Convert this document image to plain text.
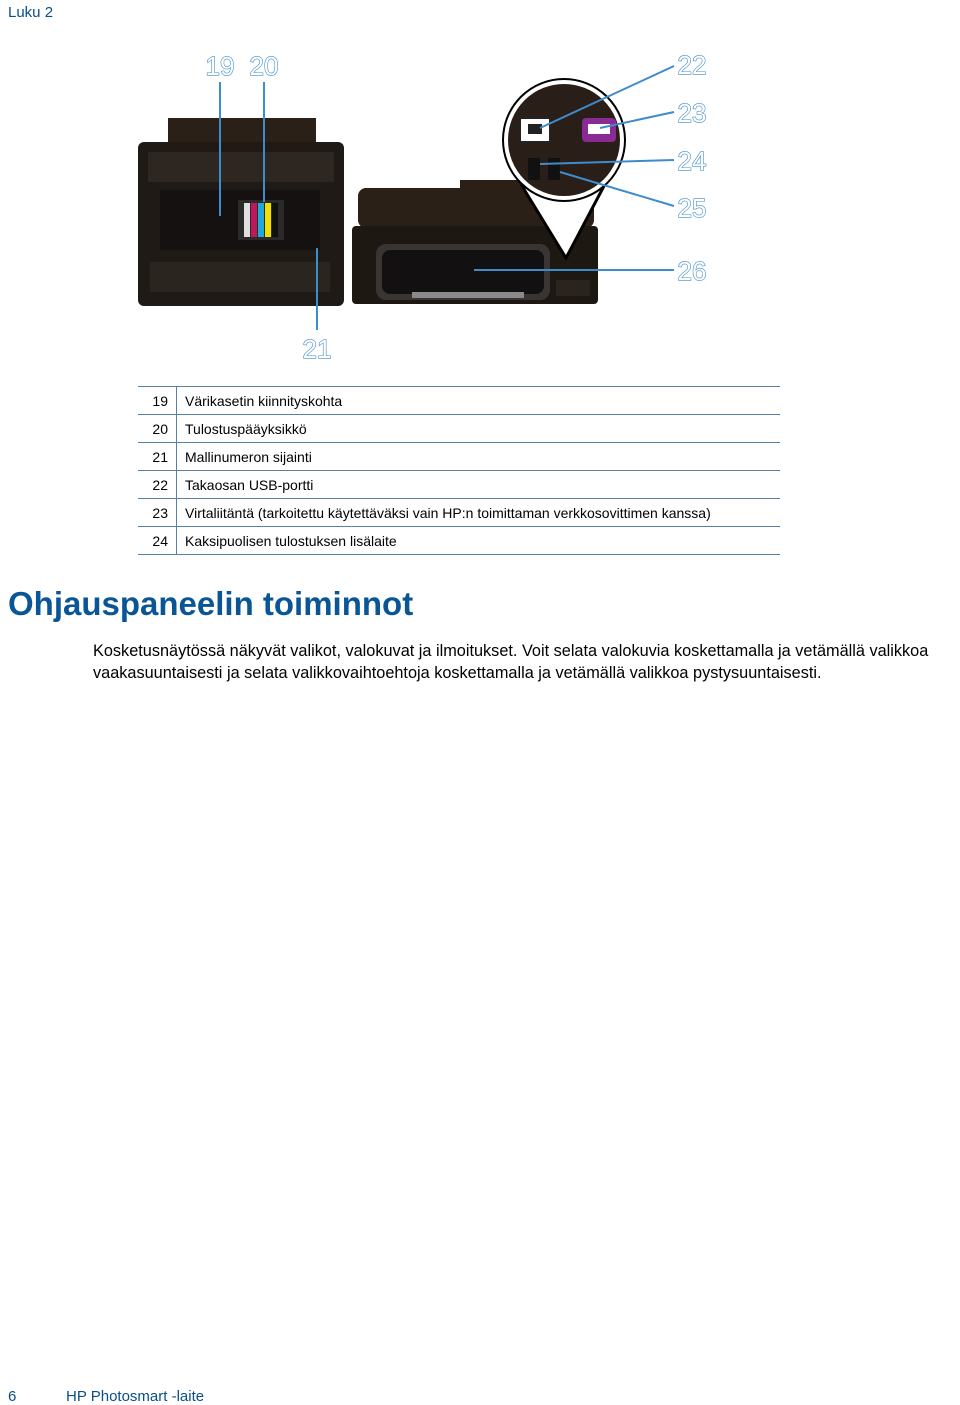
Luku 2
19 20
21
22
23
24
25
26
19	Värikasetin kiinnityskohta
20	Tulostuspääyksikkö
21	Mallinumeron sijainti
22	Takaosan USB-portti
23	Virtaliitäntä (tarkoitettu käytettäväksi vain HP:n toimittaman verkkosovittimen kanssa)
24	Kaksipuolisen tulostuksen lisälaite
Ohjauspaneelin toiminnot

Kosketusnäytössä näkyvät valikot, valokuvat ja ilmoitukset. Voit selata valokuvia koskettamalla ja vetämällä valikkoa vaakasuuntaisesti ja selata valikkovaihtoehtoja koskettamalla ja vetämällä valikkoa pystysuuntaisesti.

6	HP Photosmart -laite
